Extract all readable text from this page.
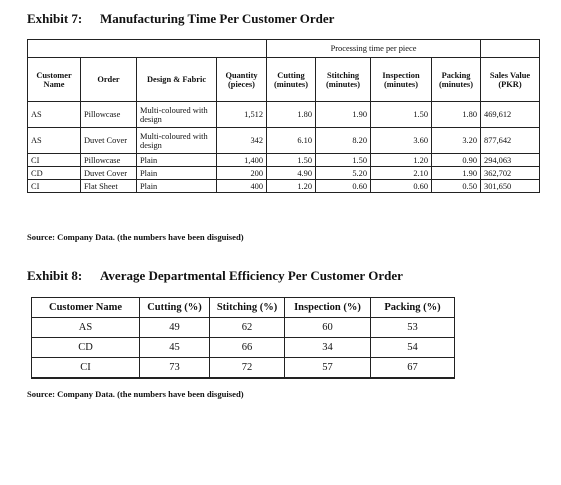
Exhibit 7: Manufacturing Time Per Customer Order
				Processing time per piece				
Customer Name	Order	Design & Fabric	Quantity (pieces)	Cutting (minutes)	Stitching (minutes)	Inspection (minutes)	Packing (minutes)	Sales Value (PKR)
AS	Pillowcase	Multi-coloured with design	1,512	1.80	1.90	1.50	1.80	469,612
AS	Duvet Cover	Multi-coloured with design	342	6.10	8.20	3.60	3.20	877,642
CI	Pillowcase	Plain	1,400	1.50	1.50	1.20	0.90	294,063
CD	Duvet Cover	Plain	200	4.90	5.20	2.10	1.90	362,702
CI	Flat Sheet	Plain	400	1.20	0.60	0.60	0.50	301,650
Source: Company Data. (the numbers have been disguised)
Exhibit 8: Average Departmental Efficiency Per Customer Order
Customer Name	Cutting (%)	Stitching (%)	Inspection (%)	Packing (%)
AS	49	62	60	53
CD	45	66	34	54
CI	73	72	57	67
Source: Company Data. (the numbers have been disguised)
